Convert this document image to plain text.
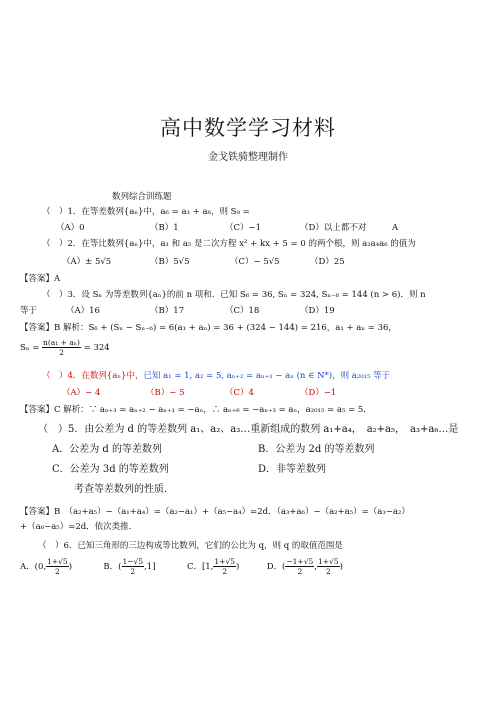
高中数学学习材料
金戈铁骑整理制作
数列综合训练题
（　）1．在等差数列{aₙ}中，a₆ = a₃ + a₈，则 S₉ =
（A）0	（B）1	（C）−1	（D）以上都不对	A
（　）2．在等比数列{aₙ}中，a₁ 和 a₅ 是二次方程 x² + kx + 5 = 0 的两个根，则 a₂a₄a₆ 的值为
（A）± 5√5	（B）5√5	（C）− 5√5	（D）25
【答案】A
（　）3．设 Sₙ 为等差数列{aₙ}的前 n 项和．已知 S₆ = 36, Sₙ = 324, Sₙ₋₆ = 144 (n > 6)．则 n
等于	（A）16	（B）17	（C）18	（D）19
【答案】B 解析：S₆ + (Sₙ − Sₙ₋₆) = 6(a₁ + aₙ) = 36 + (324 − 144) = 216，a₁ + aₙ = 36，
$S_n = \frac{\text{n(a₁ + aₙ)}}{2} = 324$
（　）4．在数列{aₙ}中，已知 a₁ = 1, a₂ = 5, aₙ₊₂ = aₙ₊₁ − aₙ (n ∈ N*)，则 a₂₀₁₅ 等于
（A）− 4	（B）− 5	（C）4	（D）−1
【答案】C 解析：∵ aₙ₊₃ = aₙ₊₂ − aₙ₊₁ = −aₙ，∴ aₙ₊₆ = −aₙ₊₃ = aₙ，a₂₀₁₅ = a₅ = 5．
（　）5．由公差为 d 的等差数列 a₁、a₂、a₃…重新组成的数列 a₁+a₄，　a₂+a₅，　a₃+a₆…是
A．公差为 d 的等差数列	B．公差为 2d 的等差数列
C．公差为 3d 的等差数列	D．非等差数列
考查等差数列的性质．
【答案】B　（a₂+a₅）−（a₁+a₄）=（a₂−a₁）+（a₅−a₄）=2d．（a₃+a₆）−（a₂+a₅）=（a₃−a₂）
+（a₆−a₅）=2d．依次类推．
（　）6．已知三角形的三边构成等比数列，它们的公比为 q，则 q 的取值范围是
A．(0, $\frac{1+√5}{2}$ )	B．( $\frac{1-√5}{2} ,1$]	C．[1, $\frac{1+√5}{2}$ )	D．( $\frac{-1+√5}{2}$ , $\frac{1+√5}{2}$ )
